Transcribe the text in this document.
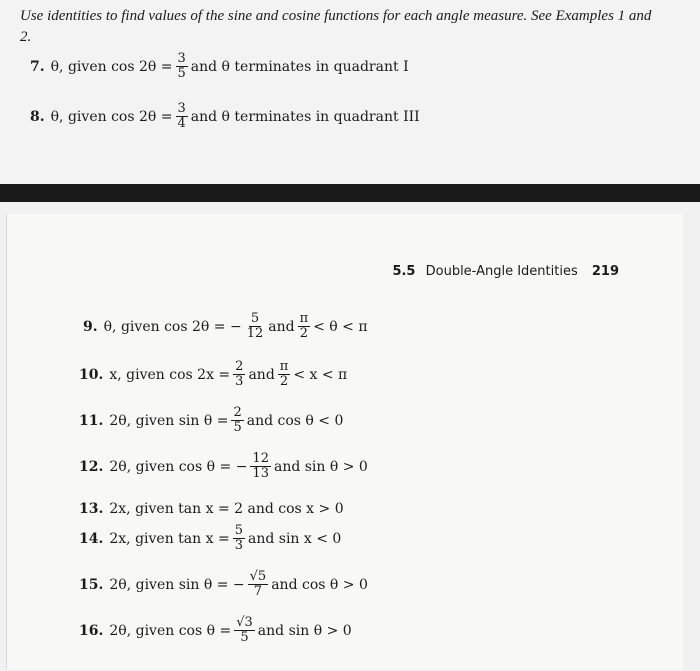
Use identities to find values of the sine and cosine functions for each angle measure. See Examples 1 and 2.
7. θ,
given $\cos 2\theta = \frac{3}{5}$ and θ terminates in quadrant I
8. θ,
given $\cos 2\theta = \frac{3}{4}$ and θ terminates in quadrant III
5.5 Double-Angle Identities 219
9. θ,
given cos 2θ =
− $\frac{5}{12}$ and $\frac{\pi}{2} < \theta < \pi$
10. x,
given $\cos 2x = \frac{2}{3}$ and $\frac{\pi}{2} < x < \pi$
11. 2θ,
given $\sin \theta = \frac{2}{5}$ and cos θ < 0
12. 2θ,
given cos θ =
− $\frac{12}{13}$ and sin θ > 0
13. 2x,
given tan x = 2 and cos x > 0
14. 2x,
given $\tan x = \frac{5}{3}$ and sin x < 0
15. 2θ,
given sin θ =
− $\frac{√5}{7}$ and cos θ > 0
16. 2θ,
given $\cos \theta = \frac{√3}{5}$ and sin θ > 0
